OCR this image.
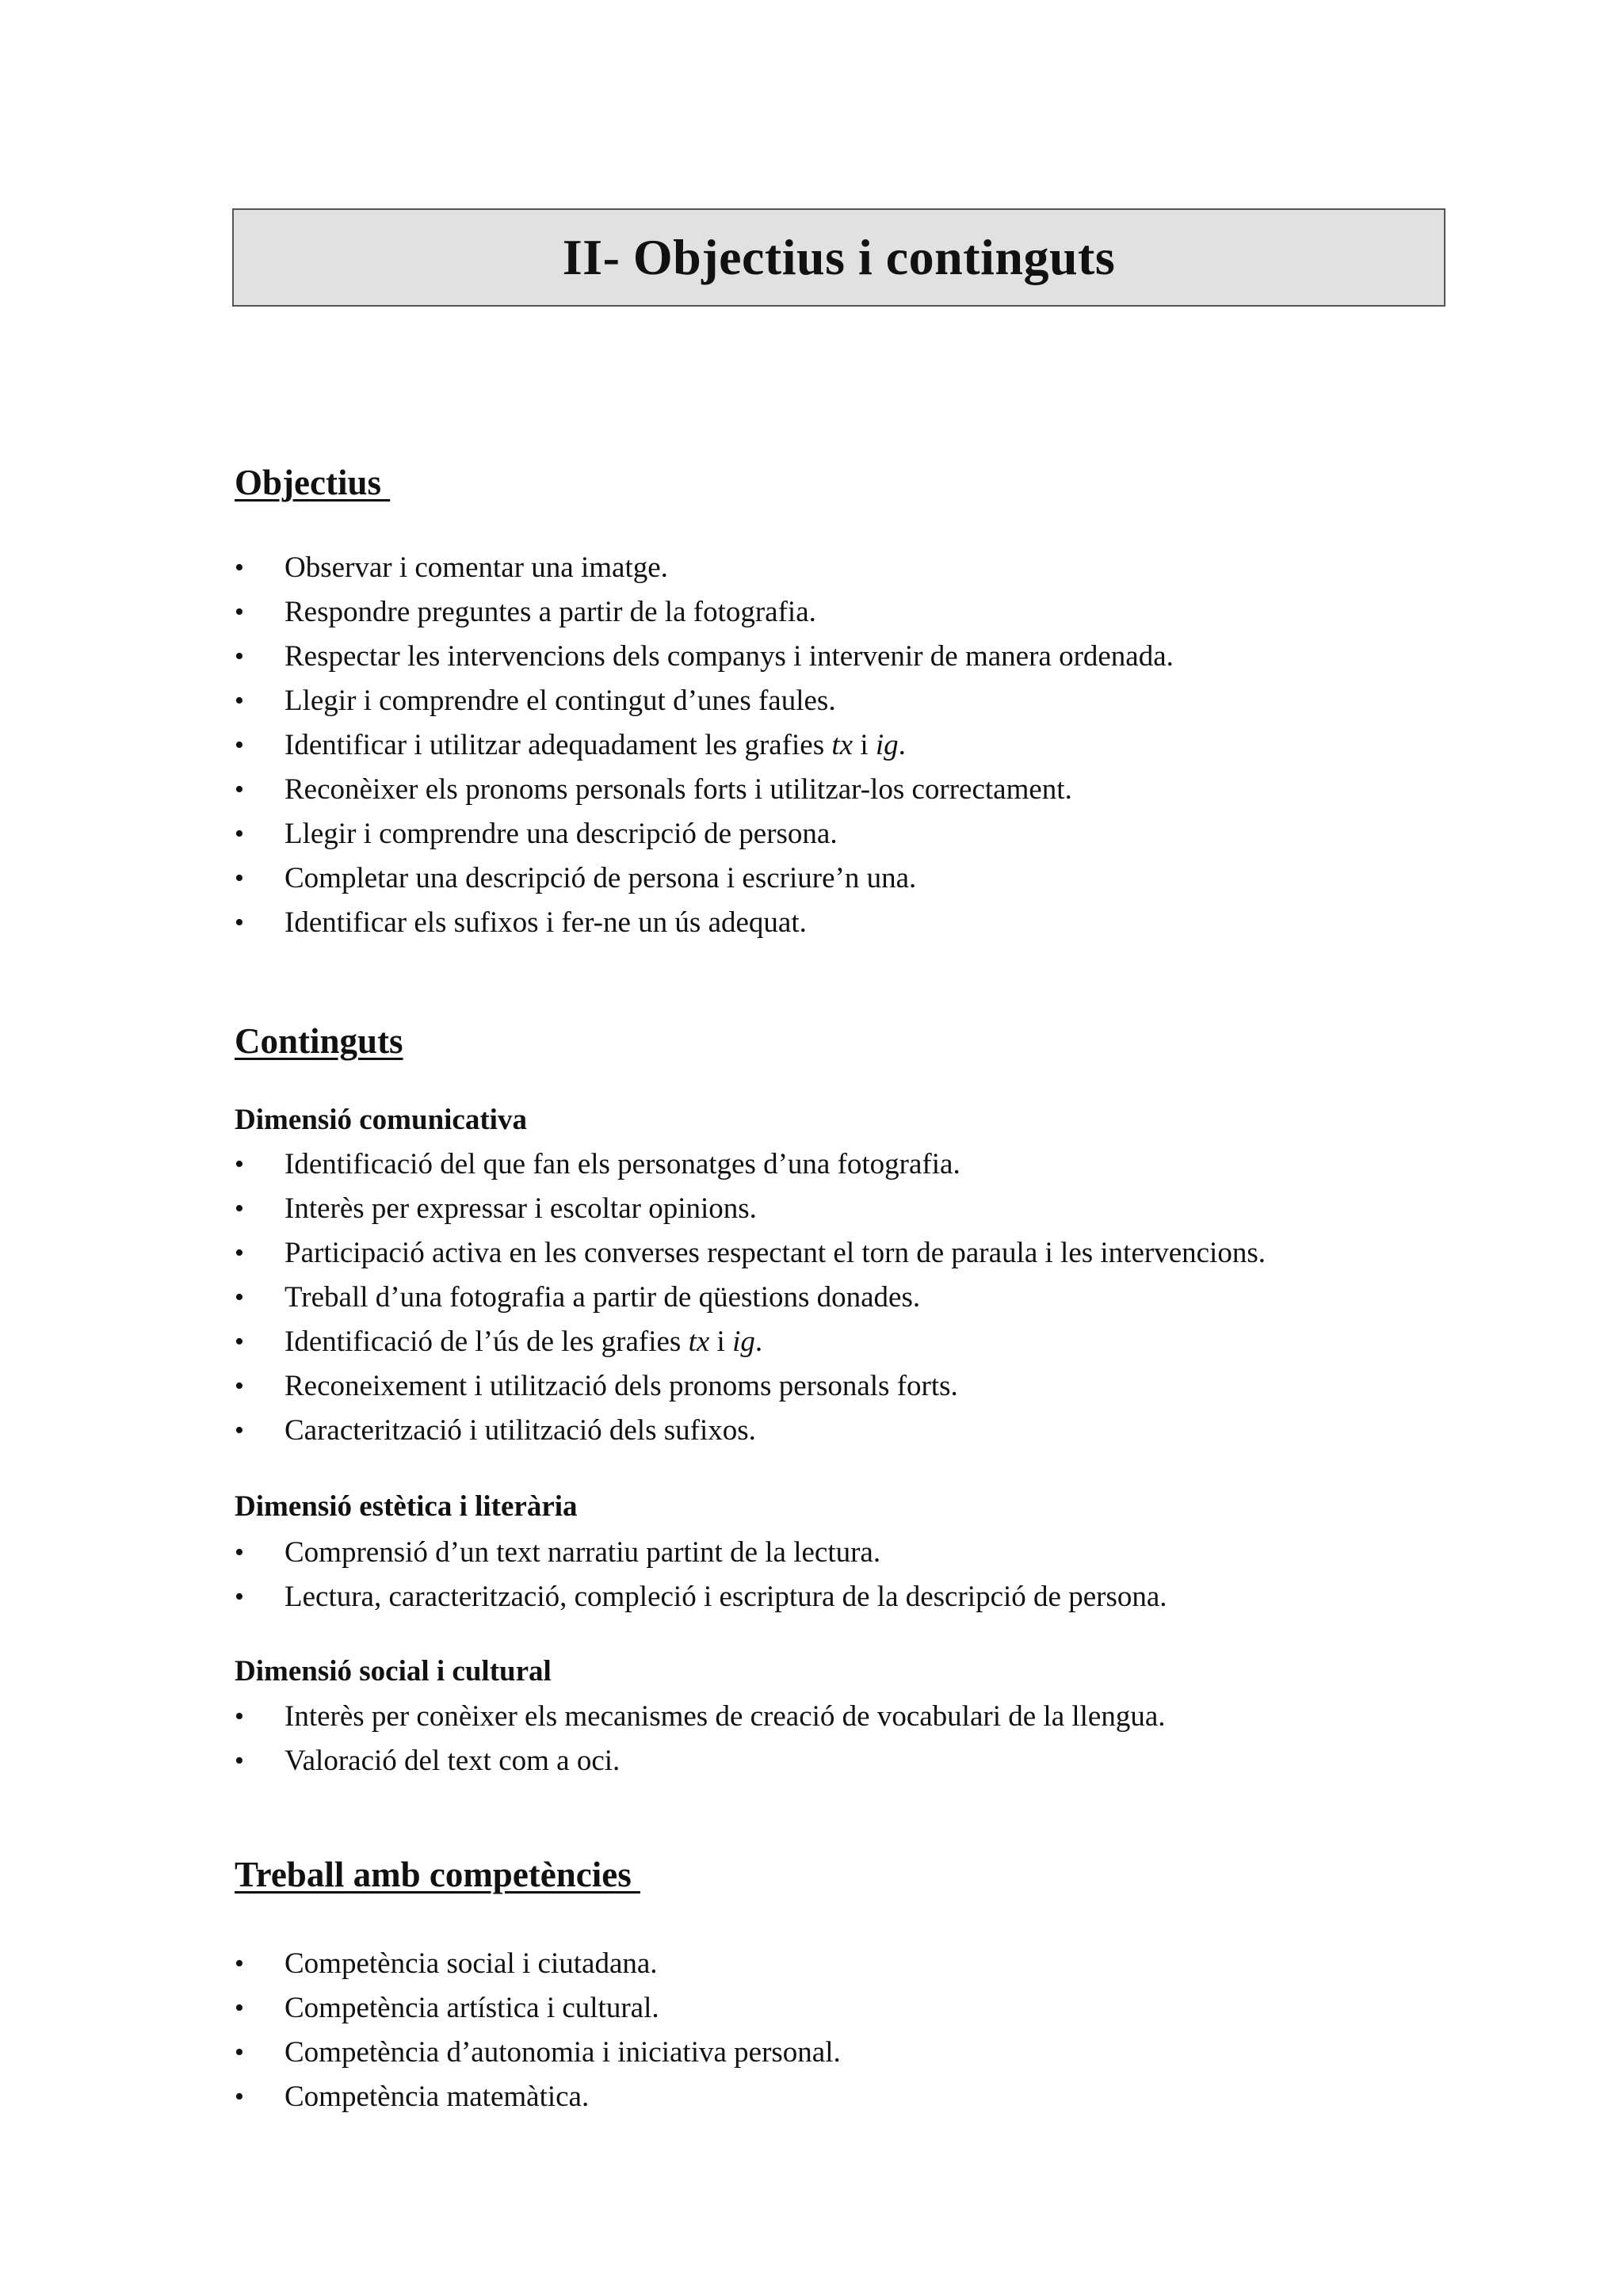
II- Objectius i continguts
Objectius
• Observar i comentar una imatge.
• Respondre preguntes a partir de la fotografia.
• Respectar les intervencions dels companys i intervenir de manera ordenada.
• Llegir i comprendre el contingut d’unes faules.
• Identificar i utilitzar adequadament les grafies tx i ig.
• Reconèixer els pronoms personals forts i utilitzar-los correctament.
• Llegir i comprendre una descripció de persona.
• Completar una descripció de persona i escriure’n una.
• Identificar els sufixos i fer-ne un ús adequat.
Continguts
Dimensió comunicativa
• Identificació del que fan els personatges d’una fotografia.
• Interès per expressar i escoltar opinions.
• Participació activa en les converses respectant el torn de paraula i les intervencions.
• Treball d’una fotografia a partir de qüestions donades.
• Identificació de l’ús de les grafies tx i ig.
• Reconeixement i utilització dels pronoms personals forts.
• Caracterització i utilització dels sufixos.
Dimensió estètica i literària
• Comprensió d’un text narratiu partint de la lectura.
• Lectura, caracterització, compleció i escriptura de la descripció de persona.
Dimensió social i cultural
• Interès per conèixer els mecanismes de creació de vocabulari de la llengua.
• Valoració del text com a oci.
Treball amb competències
• Competència social i ciutadana.
• Competència artística i cultural.
• Competència d’autonomia i iniciativa personal.
• Competència matemàtica.
